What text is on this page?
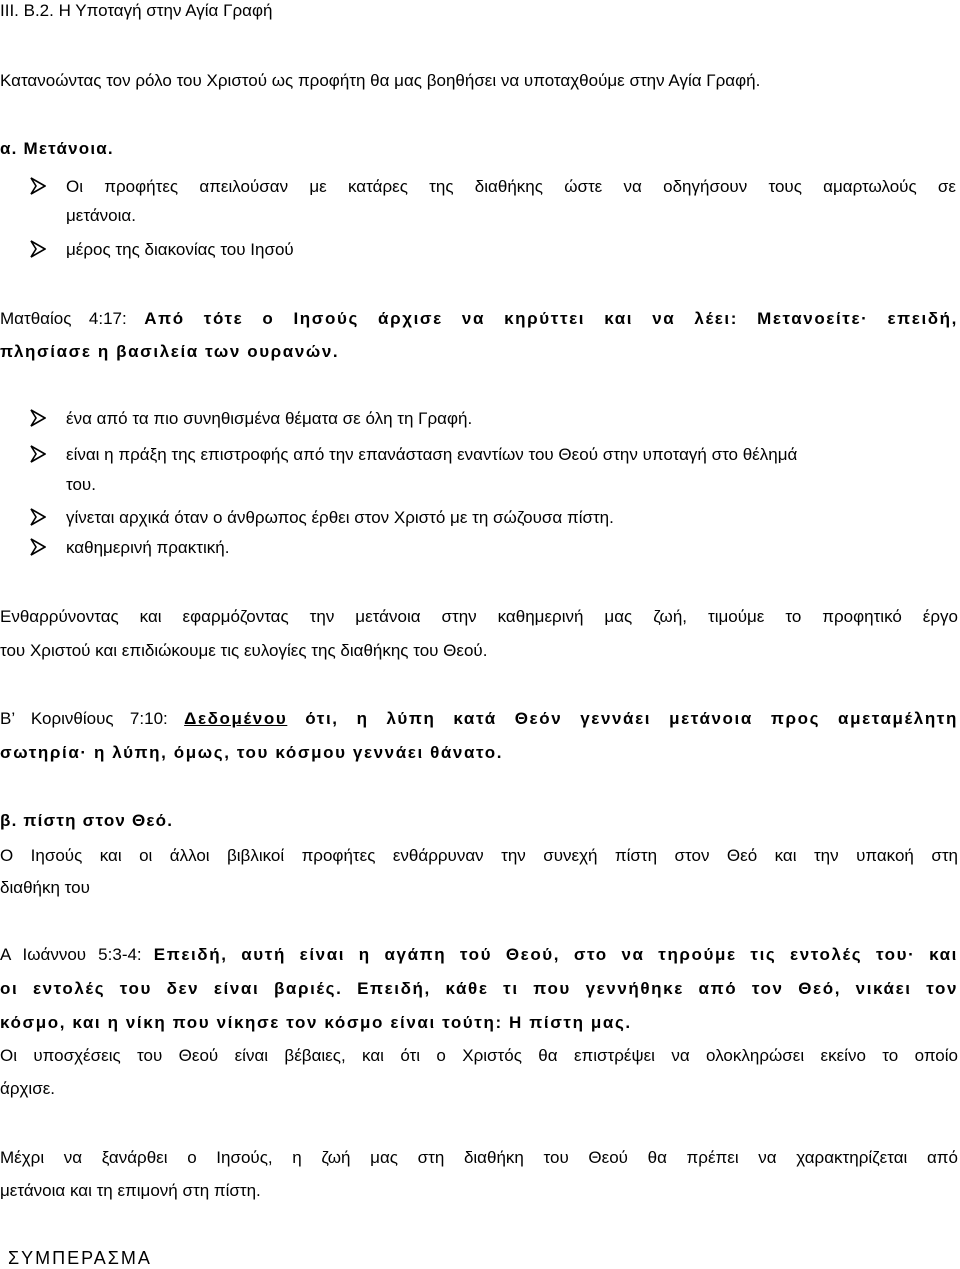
III. B.2. Η Υποταγή στην Αγία Γραφή
Κατανοώντας τον ρόλο του Χριστού ως προφήτη θα μας βοηθήσει να υποταχθούμε στην Αγία Γραφή.
α. Μετάνοια.
Οι προφήτες απειλούσαν με κατάρες της διαθήκης ώστε να οδηγήσουν τους αμαρτωλούς σε
μετάνοια.
μέρος της διακονίας του Ιησού
Ματθαίος 4:17: Από τότε ο Ιησούς άρχισε να κηρύττει και να λέει: Μετανοείτε· επειδή,
πλησίασε η βασιλεία των ουρανών.
ένα από τα πιο συνηθισμένα θέματα σε όλη τη Γραφή.
είναι η πράξη της επιστροφής από την επανάσταση εναντίων του Θεού στην υποταγή στο θέλημά
του.
γίνεται αρχικά όταν ο άνθρωπος έρθει στον Χριστό με τη σώζουσα πίστη.
καθημερινή πρακτική.
Ενθαρρύνοντας και εφαρμόζοντας την μετάνοια στην καθημερινή μας ζωή, τιμούμε το προφητικό έργο
του Χριστού και επιδιώκουμε τις ευλογίες της διαθήκης του Θεού.
Β’ Κορινθίους 7:10: Δεδομένου ότι, η λύπη κατά Θεόν γεννάει μετάνοια προς αμεταμέλητη
σωτηρία· η λύπη, όμως, του κόσμου γεννάει θάνατο.
β. πίστη στον Θεό.
Ο Ιησούς και οι άλλοι βιβλικοί προφήτες ενθάρρυναν την συνεχή πίστη στον Θεό και την υπακοή στη
διαθήκη του
Α Ιωάννου 5:3-4: Επειδή, αυτή είναι η αγάπη τού Θεού, στο να τηρούμε τις εντολές του· και
οι εντολές του δεν είναι βαριές. Επειδή, κάθε τι που γεννήθηκε από τον Θεό, νικάει τον
κόσμο, και η νίκη που νίκησε τον κόσμο είναι τούτη: Η πίστη μας.
Οι υποσχέσεις του Θεού είναι βέβαιες, και ότι ο Χριστός θα επιστρέψει να ολοκληρώσει εκείνο το οποίο
άρχισε.
Μέχρι να ξανάρθει ο Ιησούς, η ζωή μας στη διαθήκη του Θεού θα πρέπει να χαρακτηρίζεται από
μετάνοια και τη επιμονή στη πίστη.
ΣΥΜΠΕΡΑΣΜΑ
